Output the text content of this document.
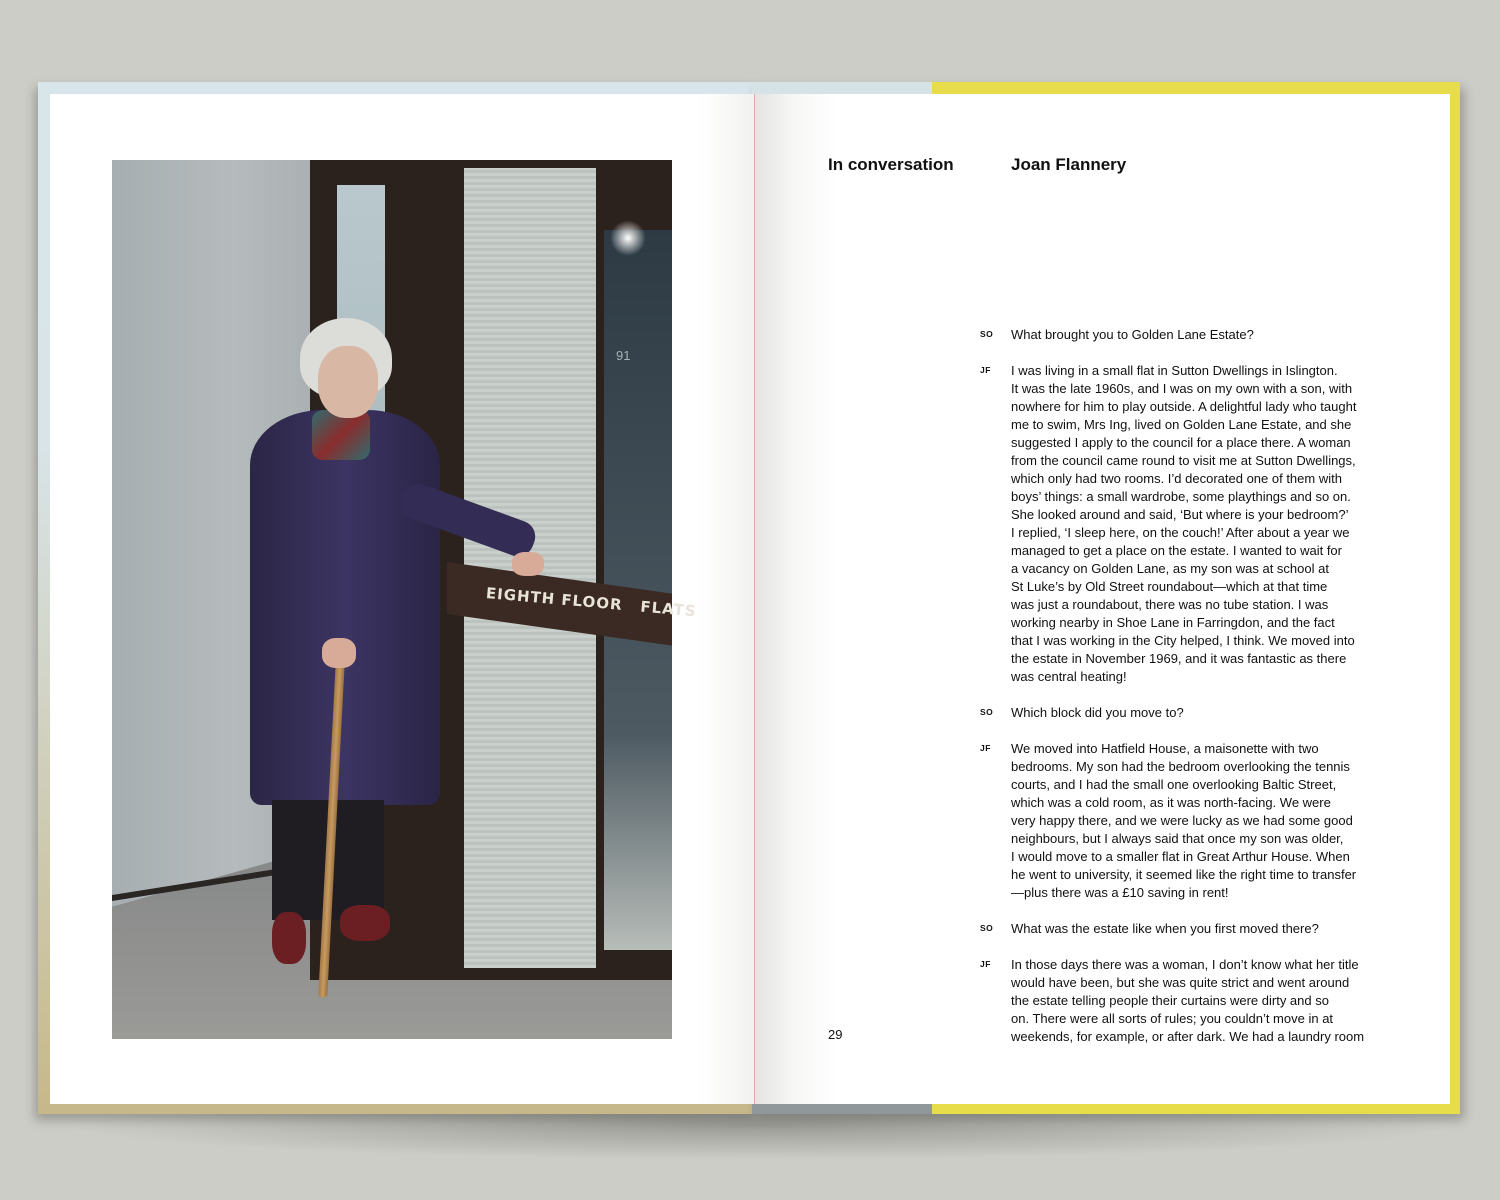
91
EIGHTH FLOOR FLATS
In conversation	Joan Flannery
SO	What brought you to Golden Lane Estate?
JF	I was living in a small flat in Sutton Dwellings in Islington.
It was the late 1960s, and I was on my own with a son, with
nowhere for him to play outside. A delightful lady who taught
me to swim, Mrs Ing, lived on Golden Lane Estate, and she
suggested I apply to the council for a place there. A woman
from the council came round to visit me at Sutton Dwellings,
which only had two rooms. I’d decorated one of them with
boys’ things: a small wardrobe, some playthings and so on.
She looked around and said, ‘But where is your bedroom?’
I replied, ‘I sleep here, on the couch!’ After about a year we
managed to get a place on the estate. I wanted to wait for
a vacancy on Golden Lane, as my son was at school at
St Luke’s by Old Street roundabout—which at that time
was just a roundabout, there was no tube station. I was
working nearby in Shoe Lane in Farringdon, and the fact
that I was working in the City helped, I think. We moved into
the estate in November 1969, and it was fantastic as there
was central heating!
SO	Which block did you move to?
JF	We moved into Hatfield House, a maisonette with two
bedrooms. My son had the bedroom overlooking the tennis
courts, and I had the small one overlooking Baltic Street,
which was a cold room, as it was north-facing. We were
very happy there, and we were lucky as we had some good
neighbours, but I always said that once my son was older,
I would move to a smaller flat in Great Arthur House. When
he went to university, it seemed like the right time to transfer
—plus there was a £10 saving in rent!
SO	What was the estate like when you first moved there?
JF	In those days there was a woman, I don’t know what her title
would have been, but she was quite strict and went around
the estate telling people their curtains were dirty and so
on. There were all sorts of rules; you couldn’t move in at
weekends, for example, or after dark. We had a laundry room
29
